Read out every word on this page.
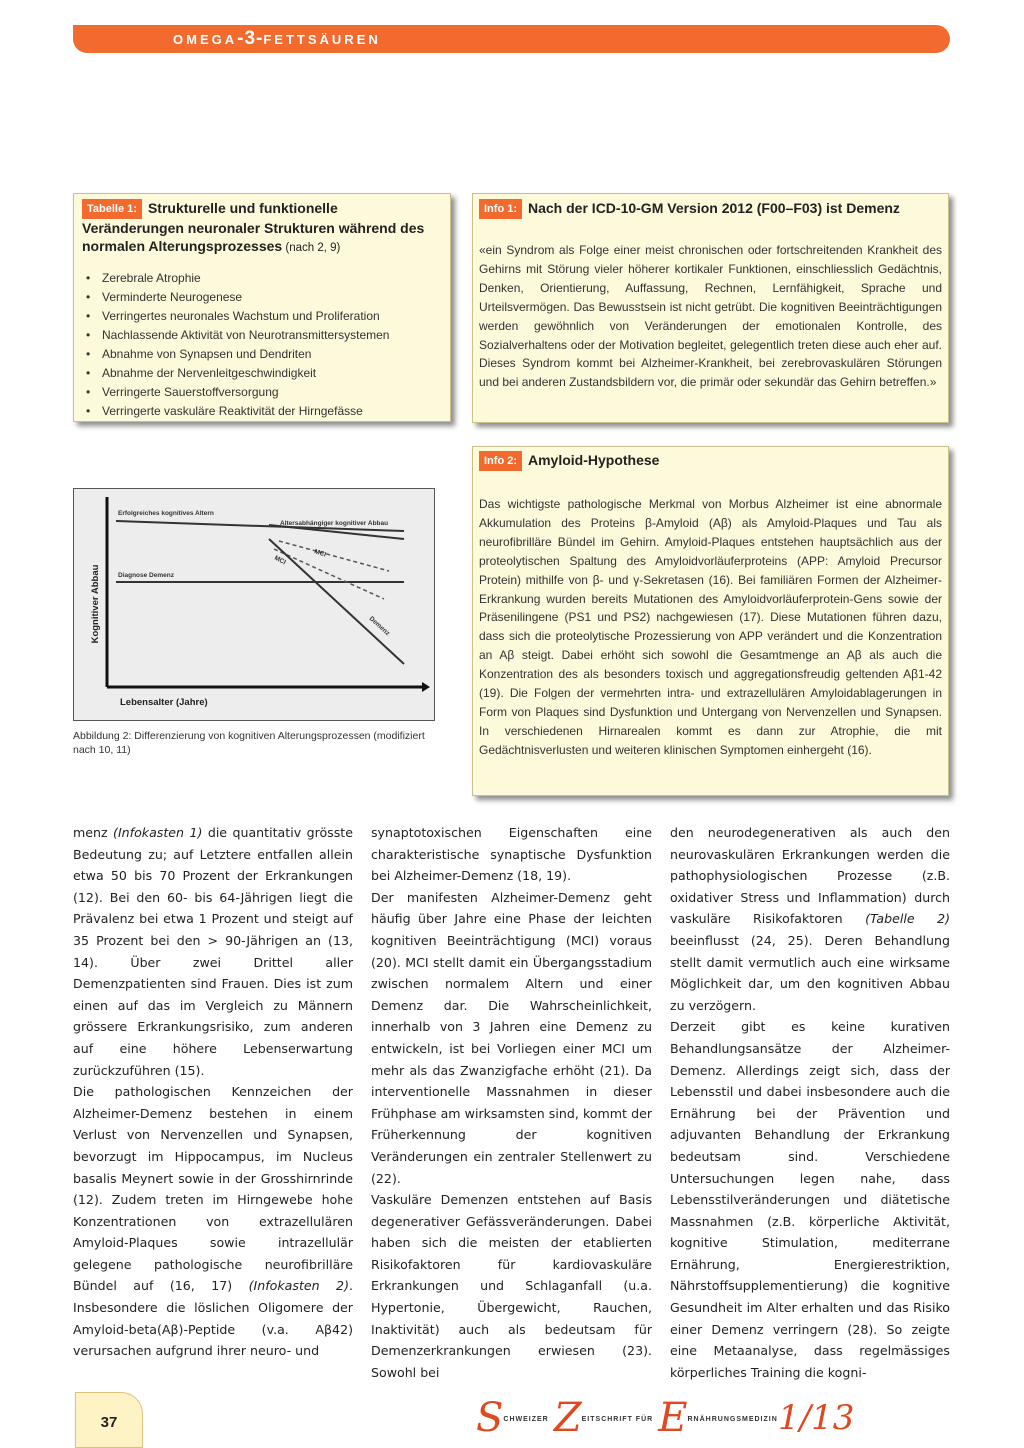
OMEGA-3-FETTSÄUREN
Tabelle 1: Strukturelle und funktionelle Veränderungen neuronaler Strukturen während des normalen Alterungsprozesses (nach 2, 9)
• Zerebrale Atrophie
• Verminderte Neurogenese
• Verringertes neuronales Wachstum und Proliferation
• Nachlassende Aktivität von Neurotransmittersystemen
• Abnahme von Synapsen und Dendriten
• Abnahme der Nervenleitgeschwindigkeit
• Verringerte Sauerstoffversorgung
• Verringerte vaskuläre Reaktivität der Hirngefässe
Info 1: Nach der ICD-10-GM Version 2012 (F00–F03) ist Demenz
«ein Syndrom als Folge einer meist chronischen oder fortschreitenden Krankheit des Gehirns mit Störung vieler höherer kortikaler Funktionen, einschliesslich Gedächtnis, Denken, Orientierung, Auffassung, Rechnen, Lernfähigkeit, Sprache und Urteilsvermögen. Das Bewusstsein ist nicht getrübt. Die kognitiven Beeinträchtigungen werden gewöhnlich von Veränderungen der emotionalen Kontrolle, des Sozialverhaltens oder der Motivation begleitet, gelegentlich treten diese auch eher auf. Dieses Syndrom kommt bei Alzheimer-Krankheit, bei zerebrovaskulären Störungen und bei anderen Zustandsbildern vor, die primär oder sekundär das Gehirn betreffen.»
Info 2: Amyloid-Hypothese
Das wichtigste pathologische Merkmal von Morbus Alzheimer ist eine abnormale Akkumulation des Proteins β-Amyloid (Aβ) als Amyloid-Plaques und Tau als neurofibrilläre Bündel im Gehirn. Amyloid-Plaques entstehen hauptsächlich aus der proteolytischen Spaltung des Amyloidvorläuferproteins (APP: Amyloid Precursor Protein) mithilfe von β- und γ-Sekretasen (16). Bei familiären Formen der Alzheimer-Erkrankung wurden bereits Mutationen des Amyloidvorläuferprotein-Gens sowie der Präsenilingene (PS1 und PS2) nachgewiesen (17). Diese Mutationen führen dazu, dass sich die proteolytische Prozessierung von APP verändert und die Konzentration an Aβ steigt. Dabei erhöht sich sowohl die Gesamtmenge an Aβ als auch die Konzentration des als besonders toxisch und aggregationsfreudig geltenden Aβ1-42 (19). Die Folgen der vermehrten intra- und extrazellulären Amyloidablagerungen in Form von Plaques sind Dysfunktion und Untergang von Nervenzellen und Synapsen. In verschiedenen Hirnarealen kommt es dann zur Atrophie, die mit Gedächtnisverlusten und weiteren klinischen Symptomen einhergeht (16).
Kognitiver Abbau
Lebensalter (Jahre)
Erfolgreiches kognitives Altern
Altersabhängiger kognitiver Abbau
Diagnose Demenz
MCI
MCI
Demenz
Abbildung 2: Differenzierung von kognitiven Alterungsprozessen (modifiziert nach 10, 11)

menz (Infokasten 1) die quantitativ grösste Bedeutung zu; auf Letztere entfallen allein etwa 50 bis 70 Prozent der Erkrankungen (12). Bei den 60- bis 64-Jährigen liegt die Prävalenz bei etwa 1 Prozent und steigt auf 35 Prozent bei den > 90-Jährigen an (13, 14). Über zwei Drittel aller Demenzpatienten sind Frauen. Dies ist zum einen auf das im Vergleich zu Männern grössere Erkrankungsrisiko, zum anderen auf eine höhere Lebenserwartung zurückzuführen (15).

Die pathologischen Kennzeichen der Alzheimer-Demenz bestehen in einem Verlust von Nervenzellen und Synapsen, bevorzugt im Hippocampus, im Nucleus basalis Meynert sowie in der Grosshirnrinde (12). Zudem treten im Hirngewebe hohe Konzentrationen von extrazellulären Amyloid-Plaques sowie intrazellulär gelegene pathologische neurofibrilläre Bündel auf (16, 17) (Infokasten 2). Insbesondere die löslichen Oligomere der Amyloid-beta(Aβ)-Peptide (v.a. Aβ42) verursachen aufgrund ihrer neuro- und

synaptotoxischen Eigenschaften eine charakteristische synaptische Dysfunktion bei Alzheimer-Demenz (18, 19).

Der manifesten Alzheimer-Demenz geht häufig über Jahre eine Phase der leichten kognitiven Beeinträchtigung (MCI) voraus (20). MCI stellt damit ein Übergangsstadium zwischen normalem Altern und einer Demenz dar. Die Wahrscheinlichkeit, innerhalb von 3 Jahren eine Demenz zu entwickeln, ist bei Vorliegen einer MCI um mehr als das Zwanzigfache erhöht (21). Da interventionelle Massnahmen in dieser Frühphase am wirksamsten sind, kommt der Früherkennung der kognitiven Veränderungen ein zentraler Stellenwert zu (22).

Vaskuläre Demenzen entstehen auf Basis degenerativer Gefässveränderungen. Dabei haben sich die meisten der etablierten Risikofaktoren für kardiovaskuläre Erkrankungen und Schlaganfall (u.a. Hypertonie, Übergewicht, Rauchen, Inaktivität) auch als bedeutsam für Demenzerkrankungen erwiesen (23). Sowohl bei

den neurodegenerativen als auch den neurovaskulären Erkrankungen werden die pathophysiologischen Prozesse (z.B. oxidativer Stress und Inflammation) durch vaskuläre Risikofaktoren (Tabelle 2) beeinflusst (24, 25). Deren Behandlung stellt damit vermutlich auch eine wirksame Möglichkeit dar, um den kognitiven Abbau zu verzögern.

Derzeit gibt es keine kurativen Behandlungsansätze der Alzheimer-Demenz. Allerdings zeigt sich, dass der Lebensstil und dabei insbesondere auch die Ernährung bei der Prävention und adjuvanten Behandlung der Erkrankung bedeutsam sind. Verschiedene Untersuchungen legen nahe, dass Lebensstilveränderungen und diätetische Massnahmen (z.B. körperliche Aktivität, kognitive Stimulation, mediterrane Ernährung, Energierestriktion, Nährstoffsupplementierung) die kognitive Gesundheit im Alter erhalten und das Risiko einer Demenz verringern (28). So zeigte eine Metaanalyse, dass regelmässiges körperliches Training die kogni-

37	$S^{CHWEIZER}$ $Z^{EITSCHRIFT FÜR}$ $E^{RNÄHRUNGSMEDIZIN}$ 1/13
